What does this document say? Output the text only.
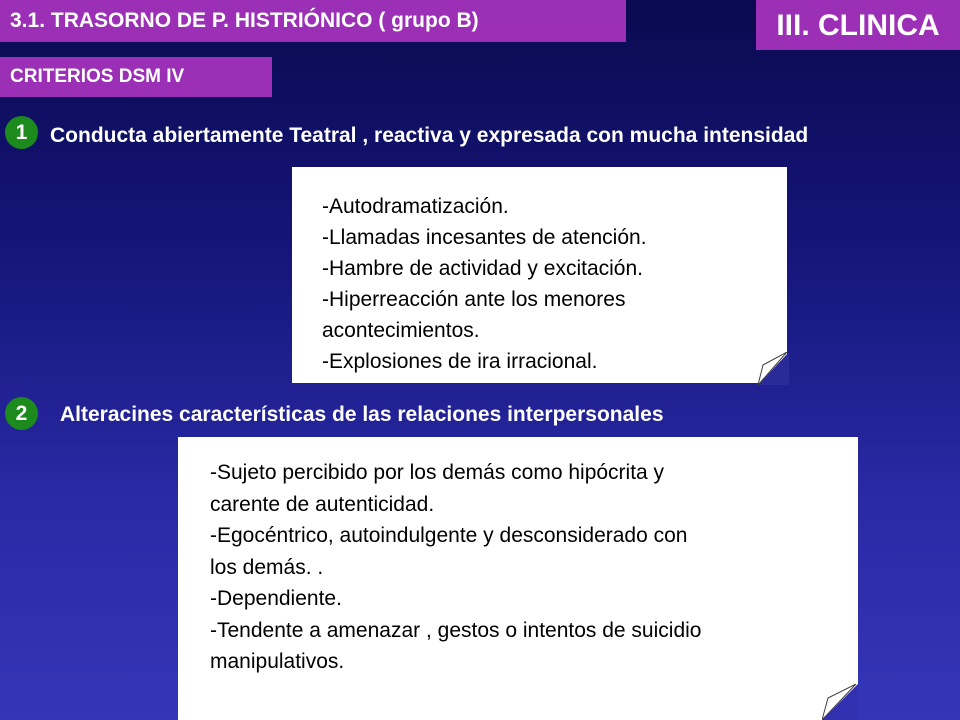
3.1. TRASORNO DE P. HISTRIÓNICO ( grupo B)	III. CLINICA
CRITERIOS DSM IV
1	Conducta abiertamente Teatral , reactiva y expresada con mucha intensidad
-Autodramatización.
-Llamadas incesantes de atención.
-Hambre de actividad y excitación.
-Hiperreacción ante los menores
acontecimientos.
-Explosiones de ira irracional.
2	Alteracines características de las relaciones interpersonales
-Sujeto percibido por los demás como hipócrita y
carente de autenticidad.
-Egocéntrico, autoindulgente y desconsiderado con
los demás. .
-Dependiente.
-Tendente a amenazar , gestos o intentos de suicidio
manipulativos.
